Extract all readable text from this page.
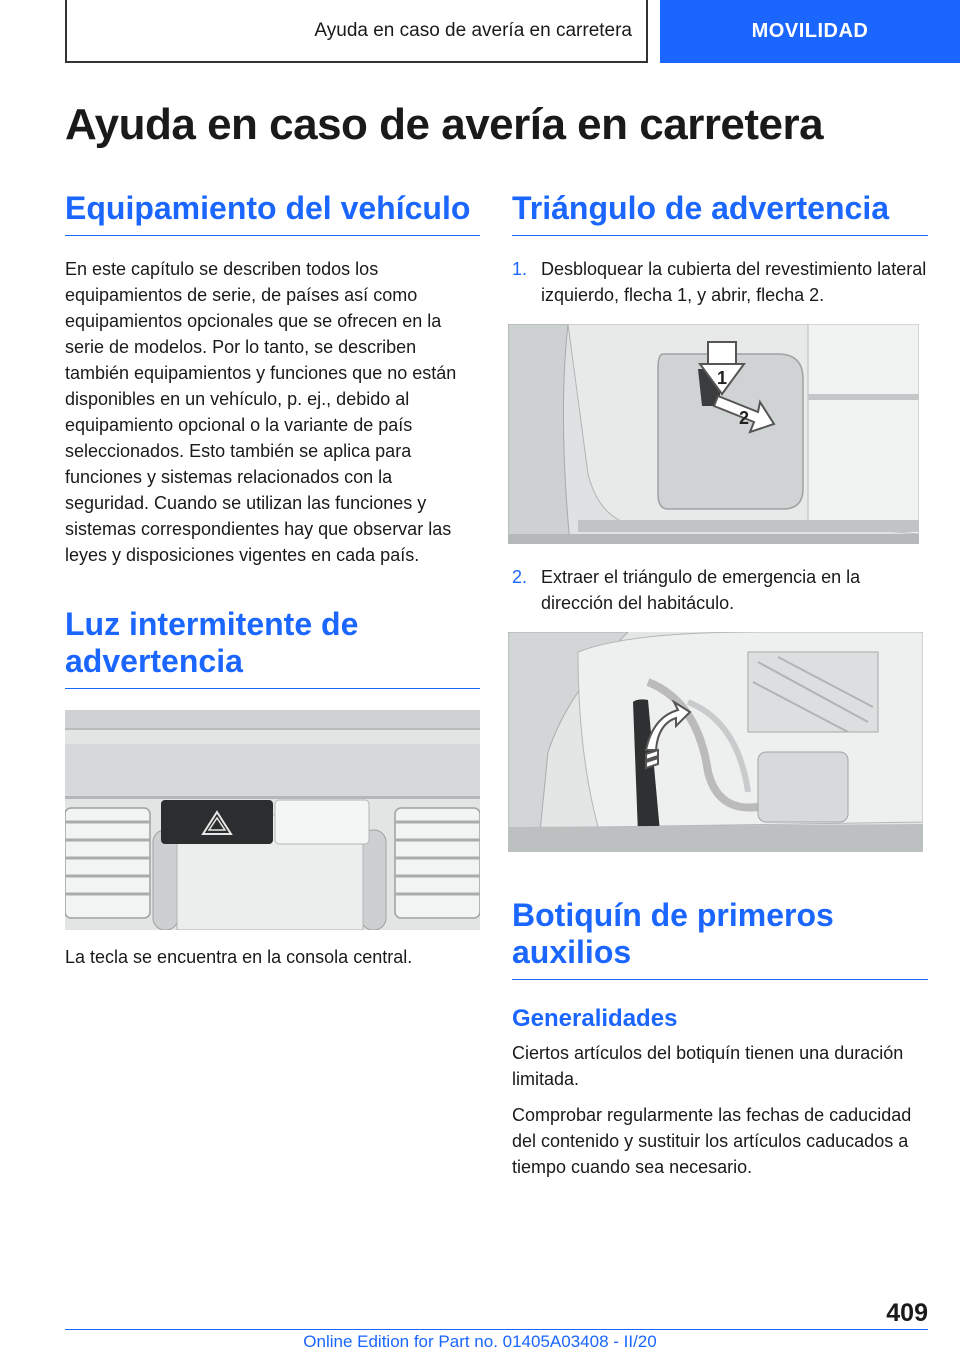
Ayuda en caso de avería en carretera	MOVILIDAD
Ayuda en caso de avería en carretera
Equipamiento del vehículo

En este capítulo se describen todos los equipamientos de serie, de países así como equipamientos opcionales que se ofrecen en la serie de modelos. Por lo tanto, se describen también equipamientos y funciones que no están disponibles en un vehículo, p. ej., debido al equipamiento opcional o la variante de país seleccionados. Esto también se aplica para funciones y sistemas relacionados con la seguridad. Cuando se utilizan las funciones y sistemas correspondientes hay que observar las leyes y disposiciones vigentes en cada país.

Luz intermitente de
advertencia

La tecla se encuentra en la consola central.

Triángulo de advertencia
1. Desbloquear la cubierta del revestimiento lateral izquierdo, flecha 1, y abrir, flecha 2.
1
2
2. Extraer el triángulo de emergencia en la dirección del habitáculo.
Botiquín de primeros
auxilios
Generalidades

Ciertos artículos del botiquín tienen una duración limitada.

Comprobar regularmente las fechas de caducidad del contenido y sustituir los artículos caducados a tiempo cuando sea necesario.

409
Online Edition for Part no. 01405A03408 - II/20
